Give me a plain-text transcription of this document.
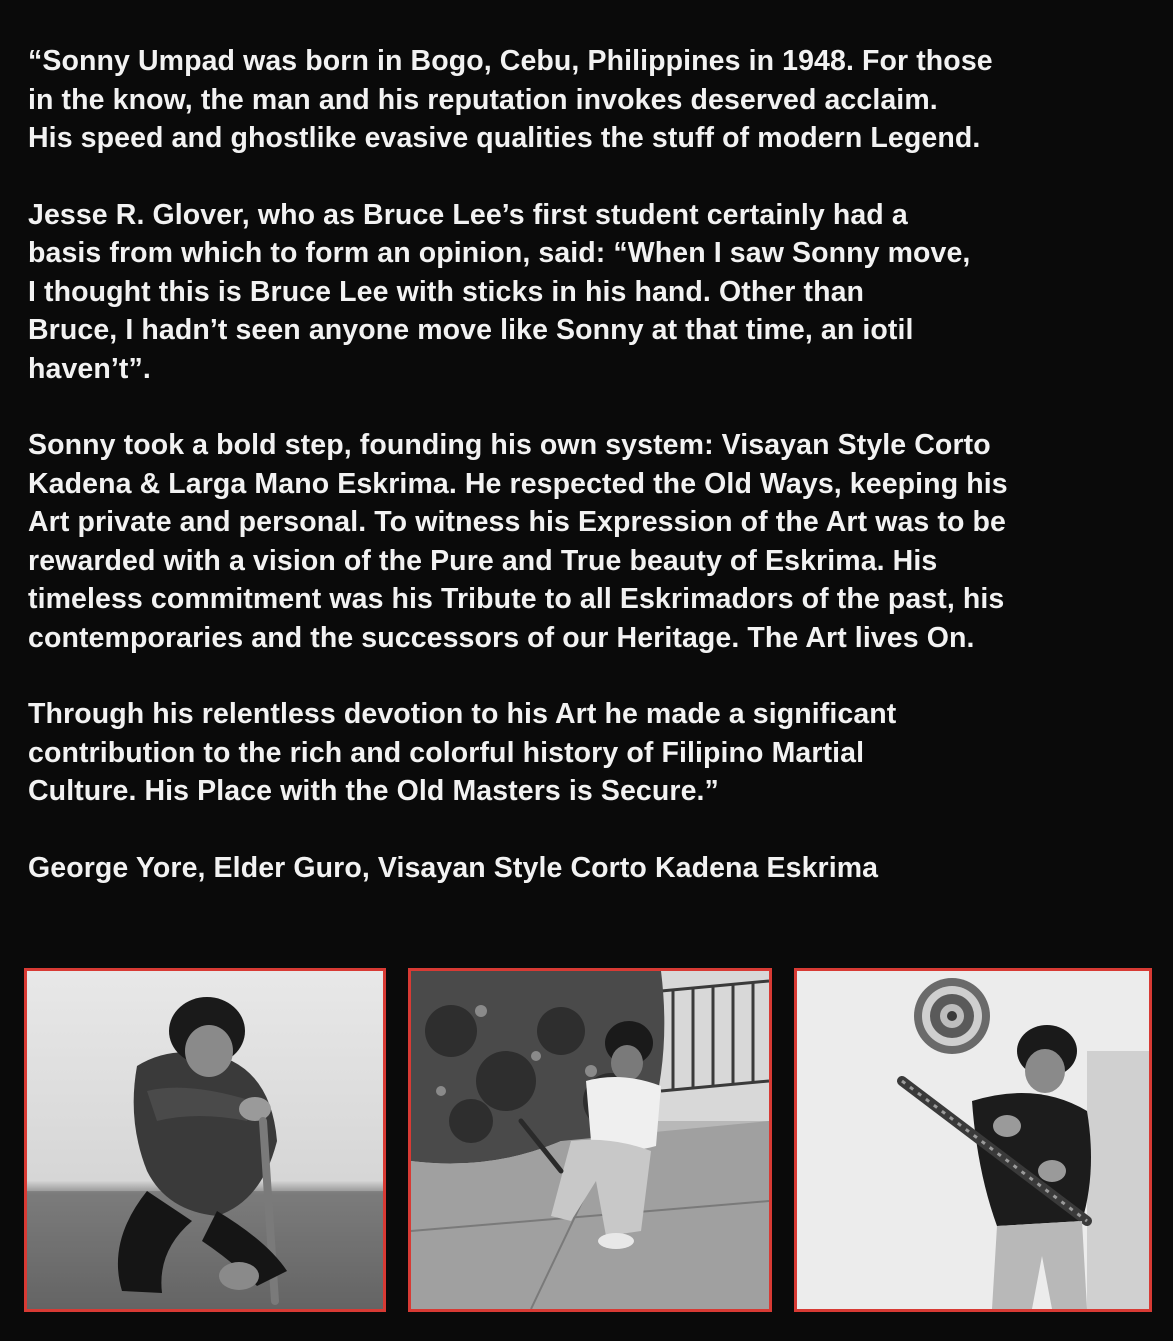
“Sonny Umpad was born in Bogo, Cebu, Philippines in 1948. For those
in the know, the man and his reputation invokes deserved acclaim.
His speed and ghostlike evasive qualities the stuff of modern Legend.

Jesse R. Glover, who as Bruce Lee’s first student certainly had a
basis from which to form an opinion, said: “When I saw Sonny move,
I thought this is Bruce Lee with sticks in his hand. Other than
Bruce, I hadn’t seen anyone move like Sonny at that time, an iotil
haven’t”.

Sonny took a bold step, founding his own system: Visayan Style Corto
Kadena & Larga Mano Eskrima. He respected the Old Ways, keeping his
Art private and personal. To witness his Expression of the Art was to be
rewarded with a vision of the Pure and True beauty of Eskrima. His
timeless commitment was his Tribute to all Eskrimadors of the past, his
contemporaries and the successors of our Heritage. The Art lives On.

Through his relentless devotion to his Art he made a significant
contribution to the rich and colorful history of Filipino Martial
Culture. His Place with the Old Masters is Secure.”

George Yore, Elder Guro, Visayan Style Corto Kadena Eskrima
